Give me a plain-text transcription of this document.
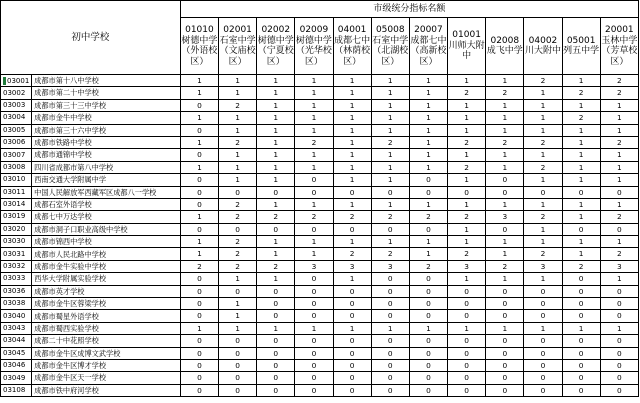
初中学校		市级统分指标名额											
		01010 树德中学（外语校区）	02001 石室中学（文庙校区）	02002 树德中学（宁夏校区）	02009 树德中学（光华校区）	04001 成都七中（林荫校区）	05008 石室中学（北湖校区）	20007 成都七中（高新校区）	01001 川师大附中	02008 成飞中学	04002 川大附中	05001 列五中学	20001 玉林中学（芳草校区）
03001	成都市第十八中学校	1	1	1	1	1	1	1	1	1	2	1	2
03002	成都市第二十中学校	1	1	1	1	1	1	1	2	2	1	2	2
03003	成都市第三十三中学校	0	2	1	1	1	1	1	1	1	1	1	1
03004	成都市金牛中学校	1	1	1	1	1	1	1	1	1	1	2	1
03005	成都市第三十六中学校	0	1	1	1	1	1	1	1	1	1	1	1
03006	成都市铁路中学校	1	2	1	2	1	2	1	2	2	2	1	2
03007	成都市通锦中学校	0	1	1	1	1	1	1	1	1	1	1	1
03008	四川省成都市第八中学校	1	1	1	1	1	1	1	2	1	2	1	1
03010	西南交通大学附属中学	0	1	1	0	1	1	0	1	0	1	1	1
03011	中国人民解放军西藏军区成都八一学校	0	0	0	0	0	0	0	0	0	0	0	0
03014	成都石室外语学校	0	2	1	1	1	1	1	1	1	1	1	1
03019	成都七中万达学校	1	2	2	2	2	2	2	2	3	2	1	2
03020	成都市洞子口职业高级中学校	0	0	0	0	0	0	0	1	0	1	0	0
03030	成都市锦西中学校	1	2	1	1	1	1	1	1	1	1	1	1
03031	成都市人民北路中学校	1	2	1	1	2	2	1	2	1	2	1	2
03032	成都市金牛实验中学校	2	2	2	3	3	3	2	3	2	3	2	3
03033	西华大学附属实验学校	0	1	1	0	1	0	0	1	1	1	0	1
03036	成都市英才学校	0	0	0	0	0	0	0	0	0	0	0	0
03038	成都市金牛区蓉梁学校	0	1	0	0	0	0	0	0	0	0	0	0
03040	成都市蜀星外语学校	0	1	0	0	0	0	0	0	0	0	0	0
03043	成都市蜀西实验学校	1	1	1	1	1	1	1	1	1	1	1	1
03044	成都二十中花照学校	0	0	0	0	0	0	0	0	0	0	0	0
03045	成都市金牛区成博文武学校	0	0	0	0	0	0	0	0	0	0	0	0
03046	成都市金牛区博才学校	0	0	0	0	0	0	0	0	0	0	0	0
03049	成都市金牛区天一学校	0	0	0	0	0	0	0	0	0	0	0	0
03108	成都市铁中府河学校	0	0	0	0	0	0	0	0	0	0	0	0
